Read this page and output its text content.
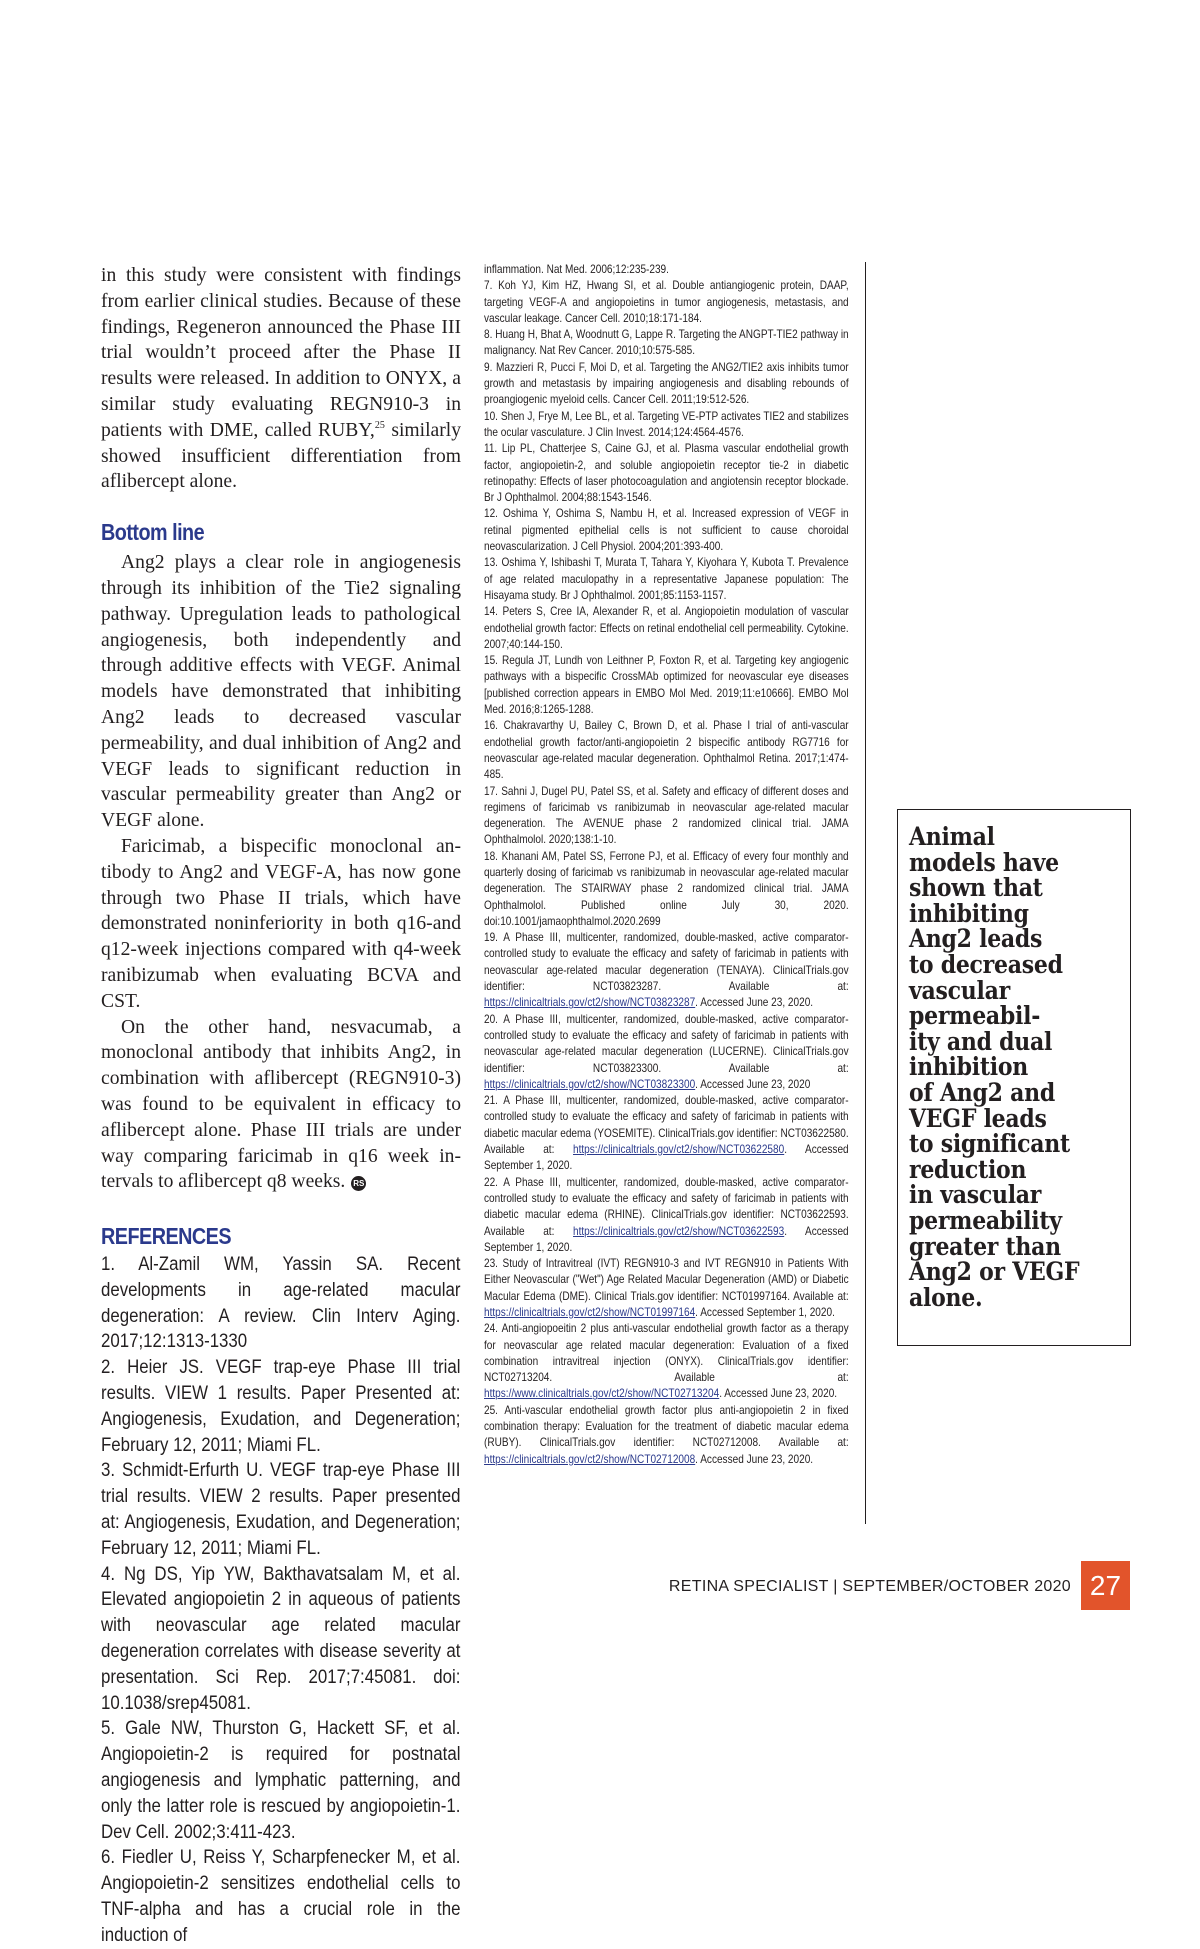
in this study were consistent with findings from earlier clinical studies. Because of these findings, Regeneron announced the Phase III trial wouldn’t proceed after the Phase II results were released. In addition to ONYX, a similar study evaluating REGN910-3 in patients with DME, called RUBY,$^{25}$ similarly showed insufficient differentiation from aflibercept alone.

Bottom line

Ang2 plays a clear role in angiogenesis through its inhibition of the Tie2 signaling pathway. Upregulation leads to pathological angiogenesis, both independently and through additive effects with VEGF. Animal models have demonstrated that inhibiting Ang2 leads to decreased vascular permeability, and dual inhibition of Ang2 and VEGF leads to significant reduction in vascular permeability greater than Ang2 or VEGF alone.

Faricimab, a bispecific monoclonal antibody to Ang2 and VEGF-A, has now gone through two Phase II trials, which have demonstrated noninferiority in both q16-and q12-week injections compared with q4-week ranibizumab when evaluating BCVA and CST.

On the other hand, nesvacumab, a monoclonal antibody that inhibits Ang2, in combination with aflibercept (REGN910-3) was found to be equivalent in efficacy to aflibercept alone. Phase III trials are under way comparing faricimab in q16 week intervals to aflibercept q8 weeks. RS

REFERENCES

1. Al-Zamil WM, Yassin SA. Recent developments in age-related macular degeneration: A review. Clin Interv Aging. 2017;12:1313-1330

2. Heier JS. VEGF trap-eye Phase III trial results. VIEW 1 results. Paper Presented at: Angiogenesis, Exudation, and Degeneration; February 12, 2011; Miami FL.

3. Schmidt-Erfurth U. VEGF trap-eye Phase III trial results. VIEW 2 results. Paper presented at: Angiogenesis, Exudation, and Degeneration; February 12, 2011; Miami FL.

4. Ng DS, Yip YW, Bakthavatsalam M, et al. Elevated angiopoietin 2 in aqueous of patients with neovascular age related macular degeneration correlates with disease severity at presentation. Sci Rep. 2017;7:45081. doi: 10.1038/srep45081.

5. Gale NW, Thurston G, Hackett SF, et al. Angiopoietin-2 is required for postnatal angiogenesis and lymphatic patterning, and only the latter role is rescued by angiopoietin-1. Dev Cell. 2002;3:411-423.

6. Fiedler U, Reiss Y, Scharpfenecker M, et al. Angiopoietin-2 sensitizes endothelial cells to TNF-alpha and has a crucial role in the induction of

inflammation. Nat Med. 2006;12:235-239.

7. Koh YJ, Kim HZ, Hwang SI, et al. Double antiangiogenic protein, DAAP, targeting VEGF-A and angiopoietins in tumor angiogenesis, metastasis, and vascular leakage. Cancer Cell. 2010;18:171-184.

8. Huang H, Bhat A, Woodnutt G, Lappe R. Targeting the ANGPT-TIE2 pathway in malignancy. Nat Rev Cancer. 2010;10:575-585.

9. Mazzieri R, Pucci F, Moi D, et al. Targeting the ANG2/TIE2 axis inhibits tumor growth and metastasis by impairing angiogenesis and disabling rebounds of proangiogenic myeloid cells. Cancer Cell. 2011;19:512-526.

10. Shen J, Frye M, Lee BL, et al. Targeting VE-PTP activates TIE2 and stabilizes the ocular vasculature. J Clin Invest. 2014;124:4564-4576.

11. Lip PL, Chatterjee S, Caine GJ, et al. Plasma vascular endothelial growth factor, angiopoietin-2, and soluble angiopoietin receptor tie-2 in diabetic retinopathy: Effects of laser photocoagulation and angiotensin receptor blockade. Br J Ophthalmol. 2004;88:1543-1546.

12. Oshima Y, Oshima S, Nambu H, et al. Increased expression of VEGF in retinal pigmented epithelial cells is not sufficient to cause choroidal neovascularization. J Cell Physiol. 2004;201:393-400.

13. Oshima Y, Ishibashi T, Murata T, Tahara Y, Kiyohara Y, Kubota T. Prevalence of age related maculopathy in a representative Japanese population: The Hisayama study. Br J Ophthalmol. 2001;85:1153-1157.

14. Peters S, Cree IA, Alexander R, et al. Angiopoietin modulation of vascular endothelial growth factor: Effects on retinal endothelial cell permeability. Cytokine. 2007;40:144-150.

15. Regula JT, Lundh von Leithner P, Foxton R, et al. Targeting key angiogenic pathways with a bispecific CrossMAb optimized for neovascular eye diseases [published correction appears in EMBO Mol Med. 2019;11:e10666]. EMBO Mol Med. 2016;8:1265-1288.

16. Chakravarthy U, Bailey C, Brown D, et al. Phase I trial of anti-vascular endothelial growth factor/anti-angiopoietin 2 bispecific antibody RG7716 for neovascular age-related macular degeneration. Ophthalmol Retina. 2017;1:474-485.

17. Sahni J, Dugel PU, Patel SS, et al. Safety and efficacy of different doses and regimens of faricimab vs ranibizumab in neovascular age-related macular degeneration. The AVENUE phase 2 randomized clinical trial. JAMA Ophthalmolol. 2020;138:1-10.

18. Khanani AM, Patel SS, Ferrone PJ, et al. Efficacy of every four monthly and quarterly dosing of faricimab vs ranibizumab in neovascular age-related macular degeneration. The STAIRWAY phase 2 randomized clinical trial. JAMA Ophthalmolol. Published online July 30, 2020. doi:10.1001/jamaophthalmol.2020.2699

19. A Phase III, multicenter, randomized, double-masked, active comparator-controlled study to evaluate the efficacy and safety of faricimab in patients with neovascular age-related macular degeneration (TENAYA). ClinicalTrials.gov identifier: NCT03823287. Available at: https://clinicaltrials.gov/ct2/show/NCT03823287. Accessed June 23, 2020.

20. A Phase III, multicenter, randomized, double-masked, active comparator-controlled study to evaluate the efficacy and safety of faricimab in patients with neovascular age-related macular degeneration (LUCERNE). ClinicalTrials.gov identifier: NCT03823300. Available at: https://clinicaltrials.gov/ct2/show/NCT03823300. Accessed June 23, 2020

21. A Phase III, multicenter, randomized, double-masked, active comparator-controlled study to evaluate the efficacy and safety of faricimab in patients with diabetic macular edema (YOSEMITE). ClinicalTrials.gov identifier: NCT03622580. Available at: https://clinicaltrials.gov/ct2/show/NCT03622580. Accessed September 1, 2020.

22. A Phase III, multicenter, randomized, double-masked, active comparator-controlled study to evaluate the efficacy and safety of faricimab in patients with diabetic macular edema (RHINE). ClinicalTrials.gov identifier: NCT03622593. Available at: https://clinicaltrials.gov/ct2/show/NCT03622593. Accessed September 1, 2020.

23. Study of Intravitreal (IVT) REGN910-3 and IVT REGN910 in Patients With Either Neovascular ("Wet") Age Related Macular Degeneration (AMD) or Diabetic Macular Edema (DME). Clinical Trials.gov identifier: NCT01997164. Available at: https://clinicaltrials.gov/ct2/show/NCT01997164. Accessed September 1, 2020.

24. Anti-angiopoeitin 2 plus anti-vascular endothelial growth factor as a therapy for neovascular age related macular degeneration: Evaluation of a fixed combination intravitreal injection (ONYX). ClinicalTrials.gov identifier: NCT02713204. Available at: https://www.clinicaltrials.gov/ct2/show/NCT02713204. Accessed June 23, 2020.

25. Anti-vascular endothelial growth factor plus anti-angiopoietin 2 in fixed combination therapy: Evaluation for the treatment of diabetic macular edema (RUBY). ClinicalTrials.gov identifier: NCT02712008. Available at: https://clinicaltrials.gov/ct2/show/NCT02712008. Accessed June 23, 2020.

Animal
models have
shown that
inhibiting
Ang2 leads
to decreased
vascular
permeabil-
ity and dual
inhibition
of Ang2 and
VEGF leads
to significant
reduction
in vascular
permeability
greater than
Ang2 or VEGF
alone.
RETINA SPECIALIST | SEPTEMBER/OCTOBER 2020 27
